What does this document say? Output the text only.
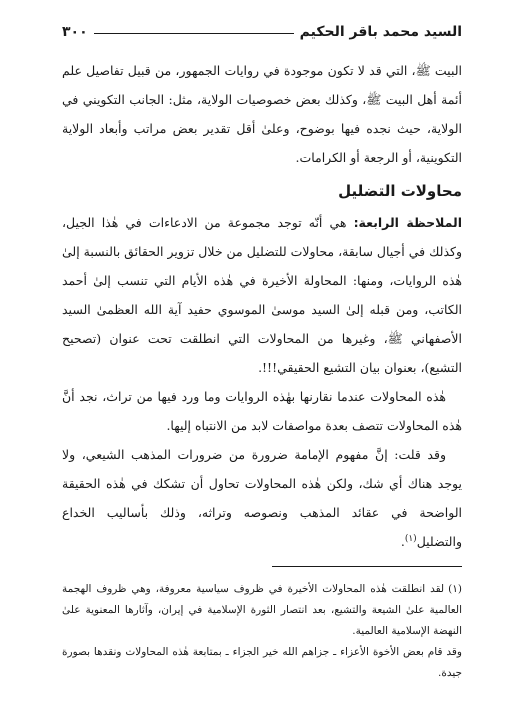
السيد محمد باقر الحكيم
٣٠٠

البيت ﷺ، التي قد لا تكون موجودة في روايات الجمهور، من قبيل تفاصيل علم أئمة أهل البيت ﷺ، وكذلك بعض خصوصيات الولاية، مثل: الجانب التكويني في الولاية، حيث نجده فيها بوضوح، وعلىٰ أقل تقدير بعض مراتب وأبعاد الولاية التكوينية، أو الرجعة أو الكرامات.

محاولات التضليل

الملاحظة الرابعة: هي أنّه توجد مجموعة من الادعاءات في هٰذا الجيل، وكذلك في أجيال سابقة، محاولات للتضليل من خلال تزوير الحقائق بالنسبة إلىٰ هٰذه الروايات، ومنها: المحاولة الأخيرة في هٰذه الأيام التي تنسب إلىٰ أحمد الكاتب، ومن قبله إلىٰ السيد موسىٰ الموسوي حفيد آية الله العظمىٰ السيد الأصفهاني ﷺ، وغيرها من المحاولات التي انطلقت تحت عنوان (تصحيح التشيع)، بعنوان بيان التشيع الحقيقي!!!.

هٰذه المحاولات عندما نقارنها بهٰذه الروايات وما ورد فيها من تراث، نجد أنَّ هٰذه المحاولات تتصف بعدة مواصفات لابد من الانتباه إليها.

وقد قلت: إنَّ مفهوم الإمامة ضرورة من ضرورات المذهب الشيعي، ولا يوجد هناك أي شك، ولكن هٰذه المحاولات تحاول أن تشكك في هٰذه الحقيقة الواضحة في عقائد المذهب ونصوصه وتراثه، وذلك بأساليب الخداع والتضليل$^{(١)}$.

(١)لقد انطلقت هٰذه المحاولات الأخيرة في ظروف سياسية معروفة، وهي ظروف الهجمة العالمية علىٰ الشيعة والتشيع، بعد انتصار الثورة الإسلامية في إيران، وآثارها المعنوية علىٰ النهضة الإسلامية العالمية.

وقد قام بعض الأخوة الأعزاء ـ جزاهم الله خير الجزاء ـ بمتابعة هٰذه المحاولات ونقدها بصورة جيدة.
